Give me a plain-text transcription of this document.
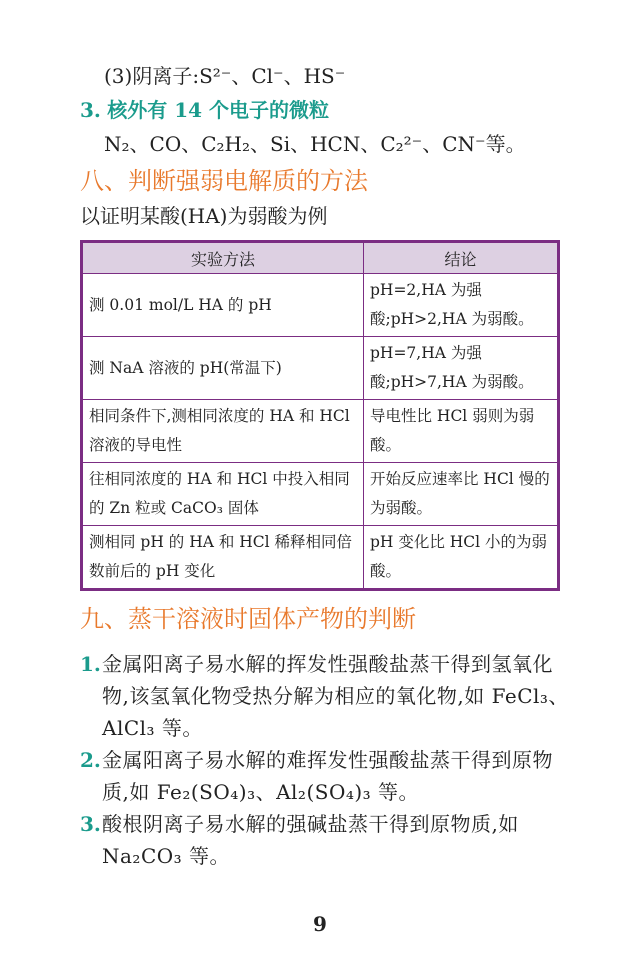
(3)阴离子:S²⁻、Cl⁻、HS⁻
3. 核外有 14 个电子的微粒
N₂、CO、C₂H₂、Si、HCN、C₂²⁻、CN⁻等。
八、判断强弱电解质的方法
以证明某酸(HA)为弱酸为例
实验方法	结论
测 0.01 mol/L HA 的 pH	pH=2,HA 为强酸;pH>2,HA 为弱酸。
测 NaA 溶液的 pH(常温下)	pH=7,HA 为强酸;pH>7,HA 为弱酸。
相同条件下,测相同浓度的 HA 和 HCl 溶液的导电性	导电性比 HCl 弱则为弱酸。
往相同浓度的 HA 和 HCl 中投入相同的 Zn 粒或 CaCO₃ 固体	开始反应速率比 HCl 慢的为弱酸。
测相同 pH 的 HA 和 HCl 稀释相同倍数前后的 pH 变化	pH 变化比 HCl 小的为弱酸。
九、蒸干溶液时固体产物的判断
1. 金属阳离子易水解的挥发性强酸盐蒸干得到氢氧化物,该氢氧化物受热分解为相应的氧化物,如 FeCl₃、AlCl₃ 等。
2. 金属阳离子易水解的难挥发性强酸盐蒸干得到原物质,如 Fe₂(SO₄)₃、Al₂(SO₄)₃ 等。
3. 酸根阴离子易水解的强碱盐蒸干得到原物质,如 Na₂CO₃ 等。
9
